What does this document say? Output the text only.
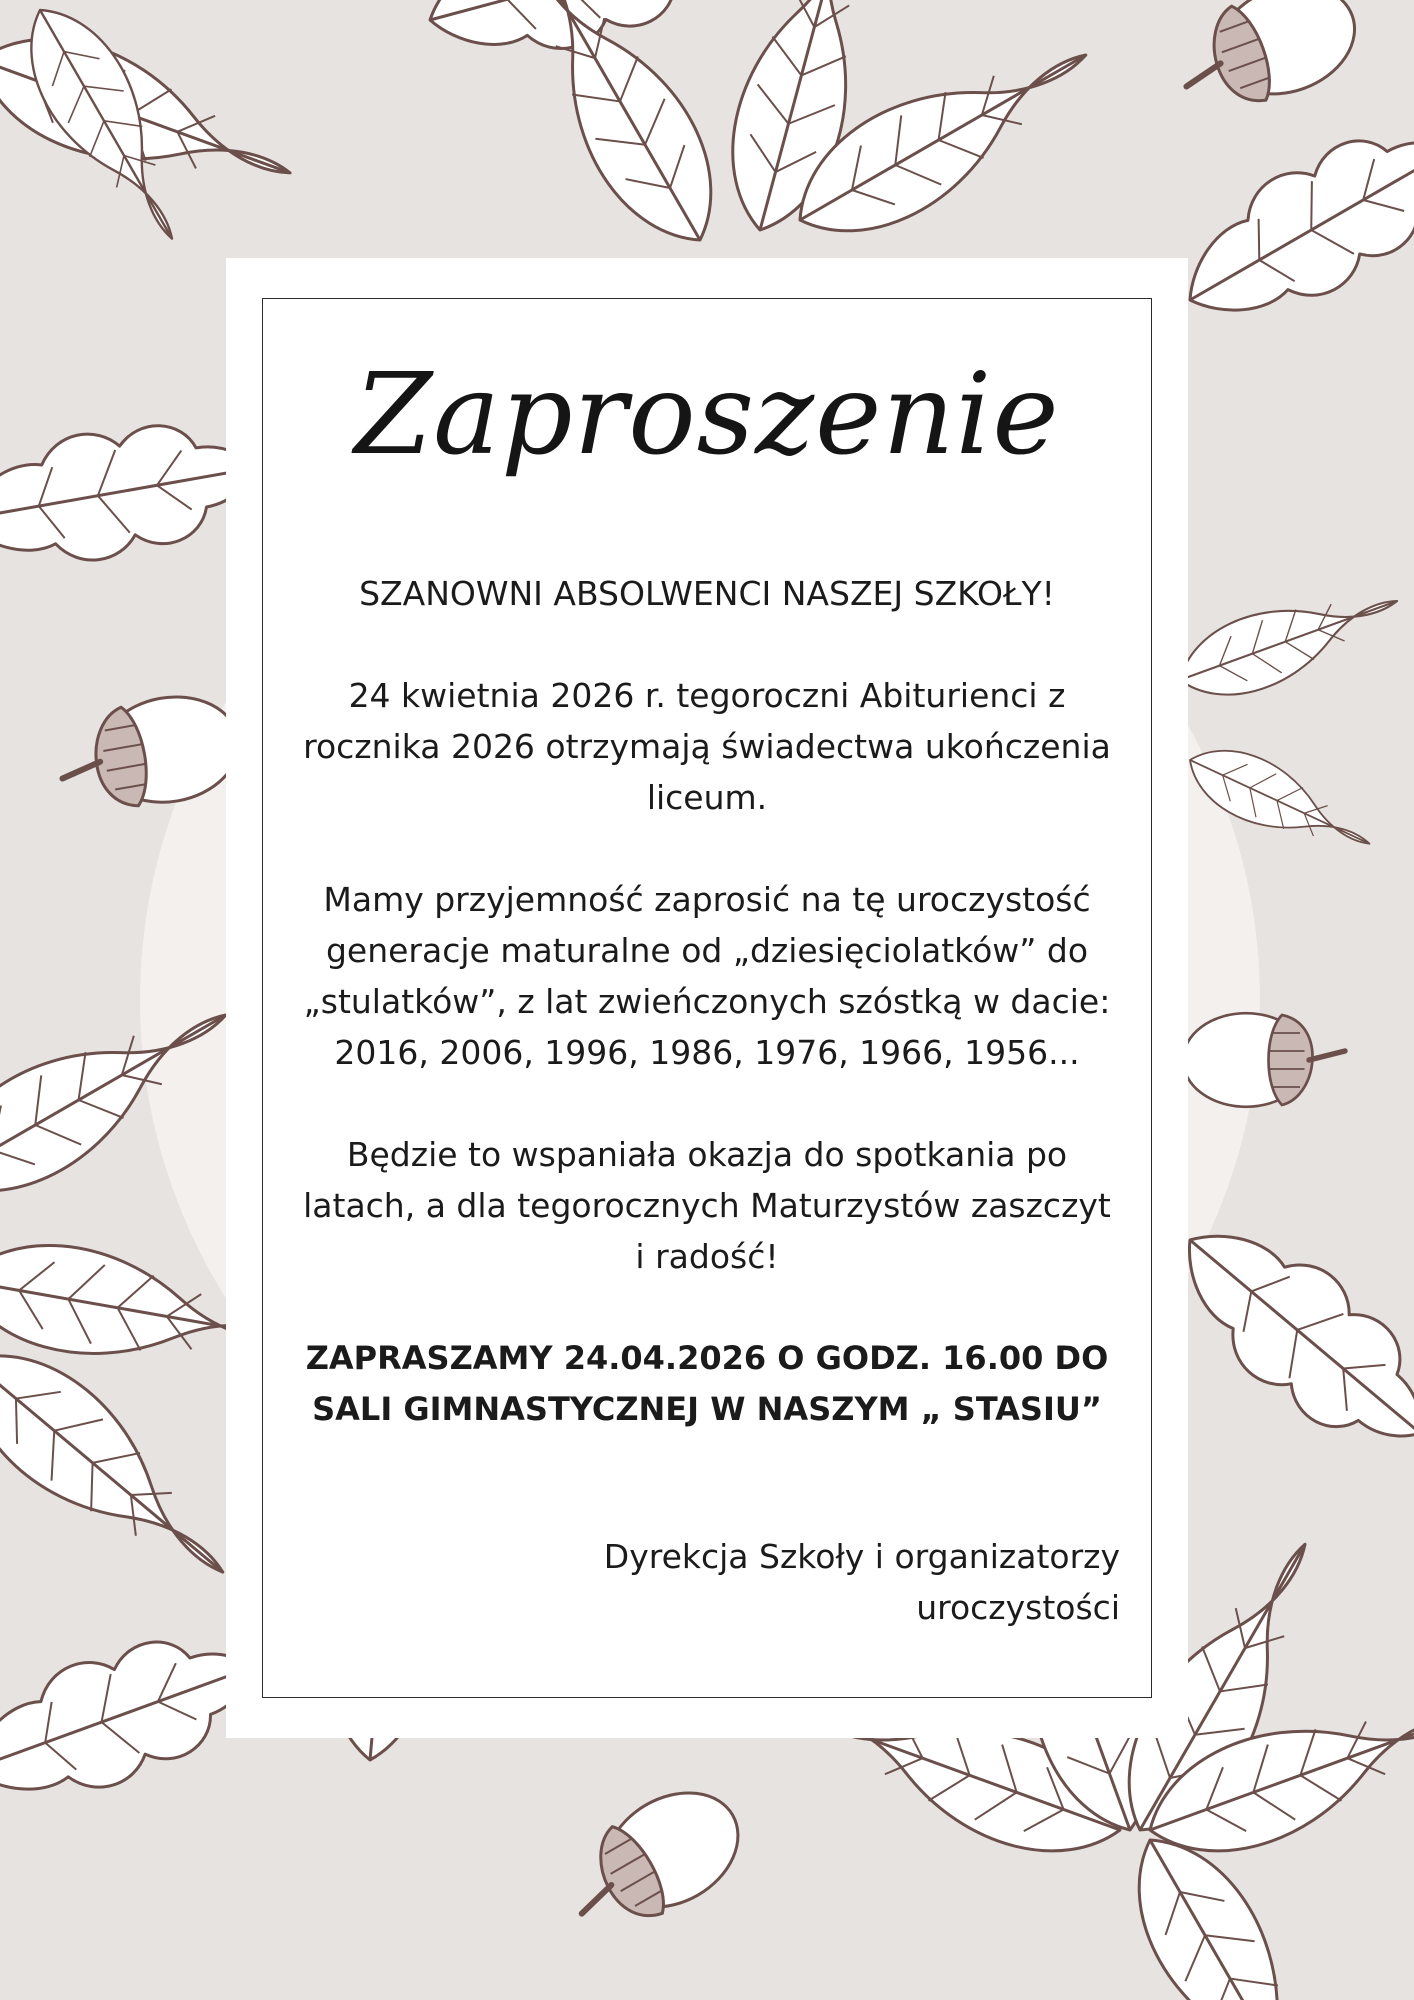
Zaproszenie

SZANOWNI ABSOLWENCI NASZEJ SZKOŁY!

24 kwietnia 2026 r. tegoroczni Abiturienci z rocznika 2026 otrzymają świadectwa ukończenia liceum.

Mamy przyjemność zaprosić na tę uroczystość generacje maturalne od „dziesięciolatków” do „stulatków”, z lat zwieńczonych szóstką w dacie: 2016, 2006, 1996, 1986, 1976, 1966, 1956...

Będzie to wspaniała okazja do spotkania po latach, a dla tegorocznych Maturzystów zaszczyt i radość!

ZAPRASZAMY 24.04.2026 O GODZ. 16.00 DO SALI GIMNASTYCZNEJ W NASZYM „ STASIU”

Dyrekcja Szkoły i organizatorzy uroczystości
